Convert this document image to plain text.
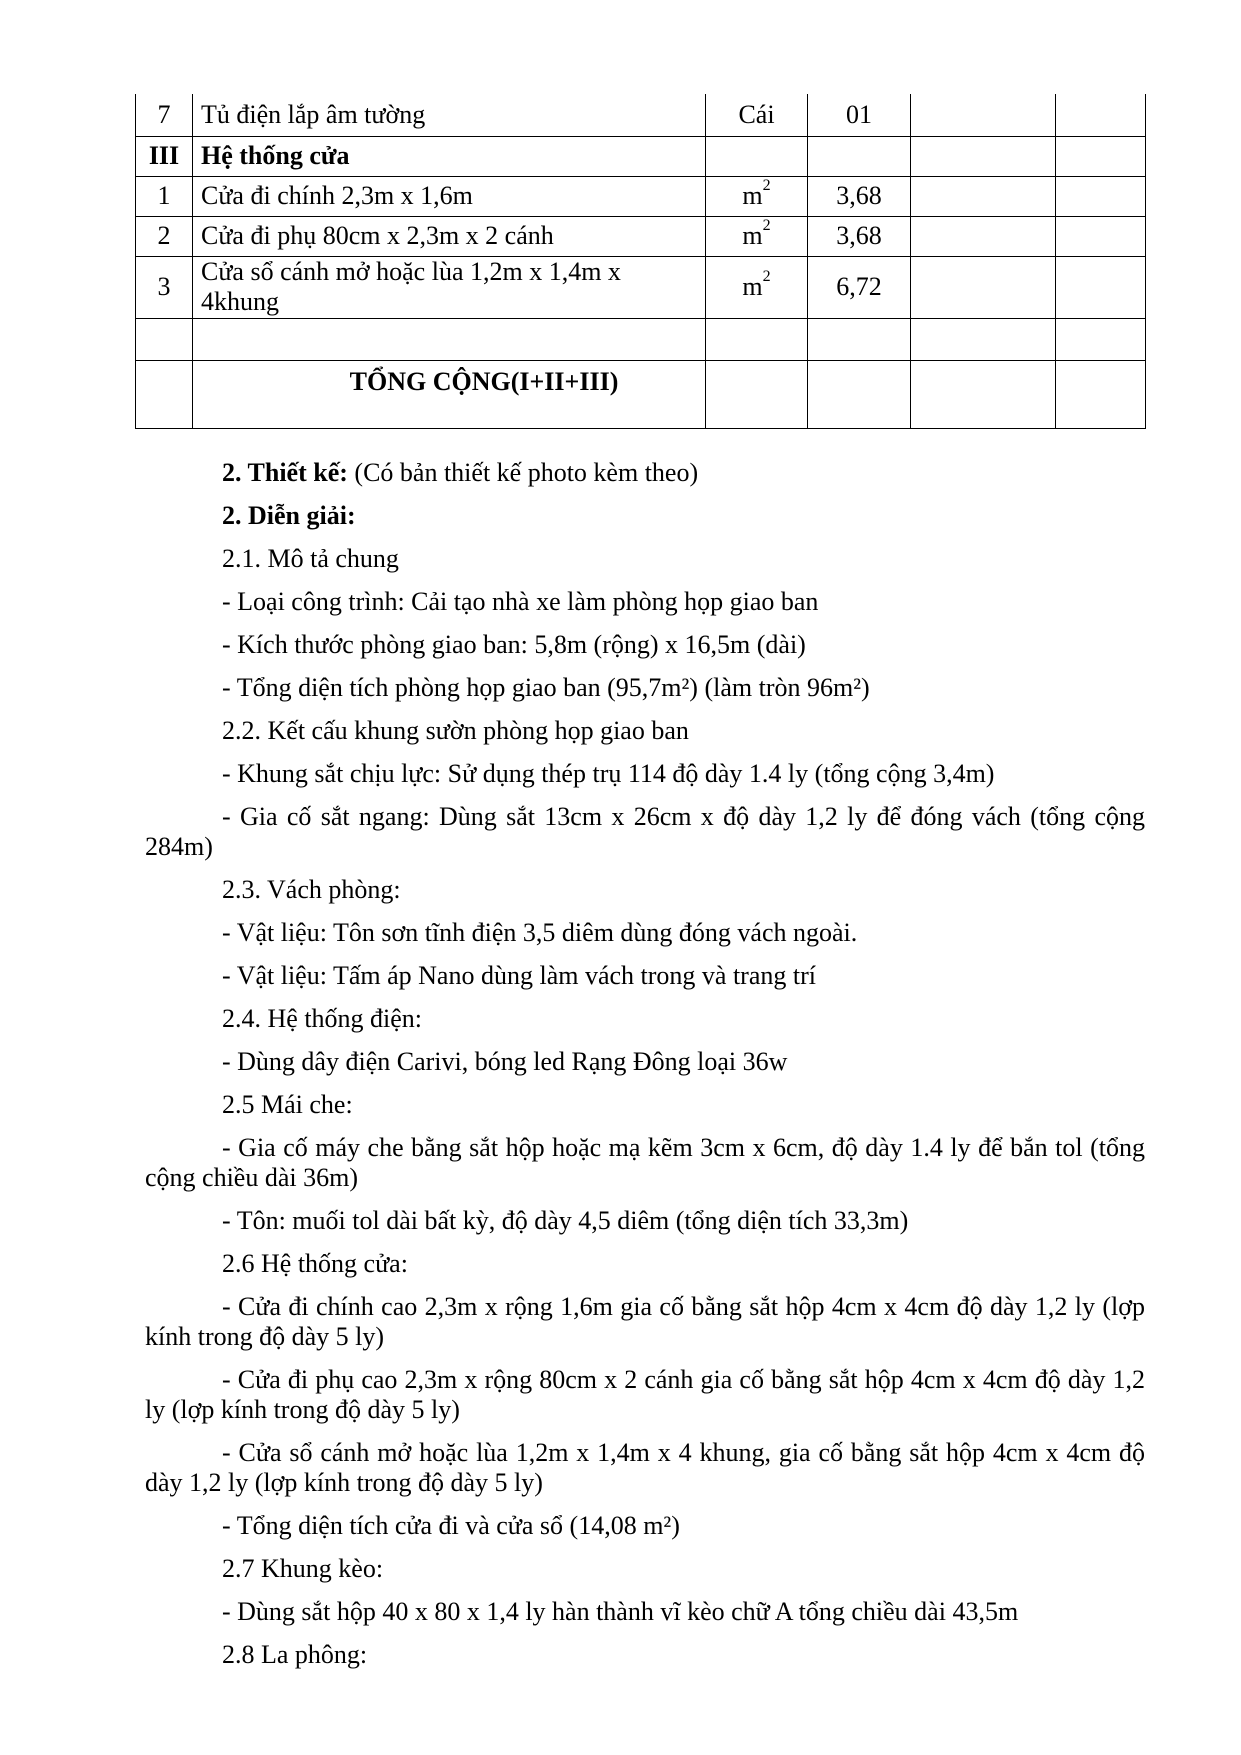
7	Tủ điện lắp âm tường	Cái	01		
III	Hệ thống cửa				
1	Cửa đi chính 2,3m x 1,6m	$m^2$	3,68		
2	Cửa đi phụ 80cm x 2,3m x 2 cánh	$m^2$	3,68		
3	Cửa sổ cánh mở hoặc lùa 1,2m x 1,4m x 4khung	$m^2$	6,72		

	TỔNG CỘNG(I+II+III)				

2. Thiết kế: (Có bản thiết kế photo kèm theo)

2. Diễn giải:

2.1. Mô tả chung

- Loại công trình: Cải tạo nhà xe làm phòng họp giao ban

- Kích thước phòng giao ban: 5,8m (rộng) x 16,5m (dài)

- Tổng diện tích phòng họp giao ban (95,7m²) (làm tròn 96m²)

2.2. Kết cấu khung sườn phòng họp giao ban

- Khung sắt chịu lực: Sử dụng thép trụ 114 độ dày 1.4 ly (tổng cộng 3,4m)

- Gia cố sắt ngang: Dùng sắt 13cm x 26cm x độ dày 1,2 ly để đóng vách (tổng cộng 284m)

2.3. Vách phòng:

- Vật liệu: Tôn sơn tĩnh điện 3,5 diêm dùng đóng vách ngoài.

- Vật liệu: Tấm áp Nano dùng làm vách trong và trang trí

2.4. Hệ thống điện:

- Dùng dây điện Carivi, bóng led Rạng Đông loại 36w

2.5 Mái che:

- Gia cố máy che bằng sắt hộp hoặc mạ kẽm 3cm x 6cm, độ dày 1.4 ly để bắn tol (tổng cộng chiều dài 36m)

- Tôn: muối tol dài bất kỳ, độ dày 4,5 diêm (tổng diện tích 33,3m)

2.6 Hệ thống cửa:

- Cửa đi chính cao 2,3m x rộng 1,6m gia cố bằng sắt hộp 4cm x 4cm độ dày 1,2 ly (lợp kính trong độ dày 5 ly)

- Cửa đi phụ cao 2,3m x rộng 80cm x 2 cánh gia cố bằng sắt hộp 4cm x 4cm độ dày 1,2 ly (lợp kính trong độ dày 5 ly)

- Cửa sổ cánh mở hoặc lùa 1,2m x 1,4m x 4 khung, gia cố bằng sắt hộp 4cm x 4cm độ dày 1,2 ly (lợp kính trong độ dày 5 ly)

- Tổng diện tích cửa đi và cửa sổ (14,08 m²)

2.7 Khung kèo:

- Dùng sắt hộp 40 x 80 x 1,4 ly hàn thành vĩ kèo chữ A tổng chiều dài 43,5m

2.8 La phông:
